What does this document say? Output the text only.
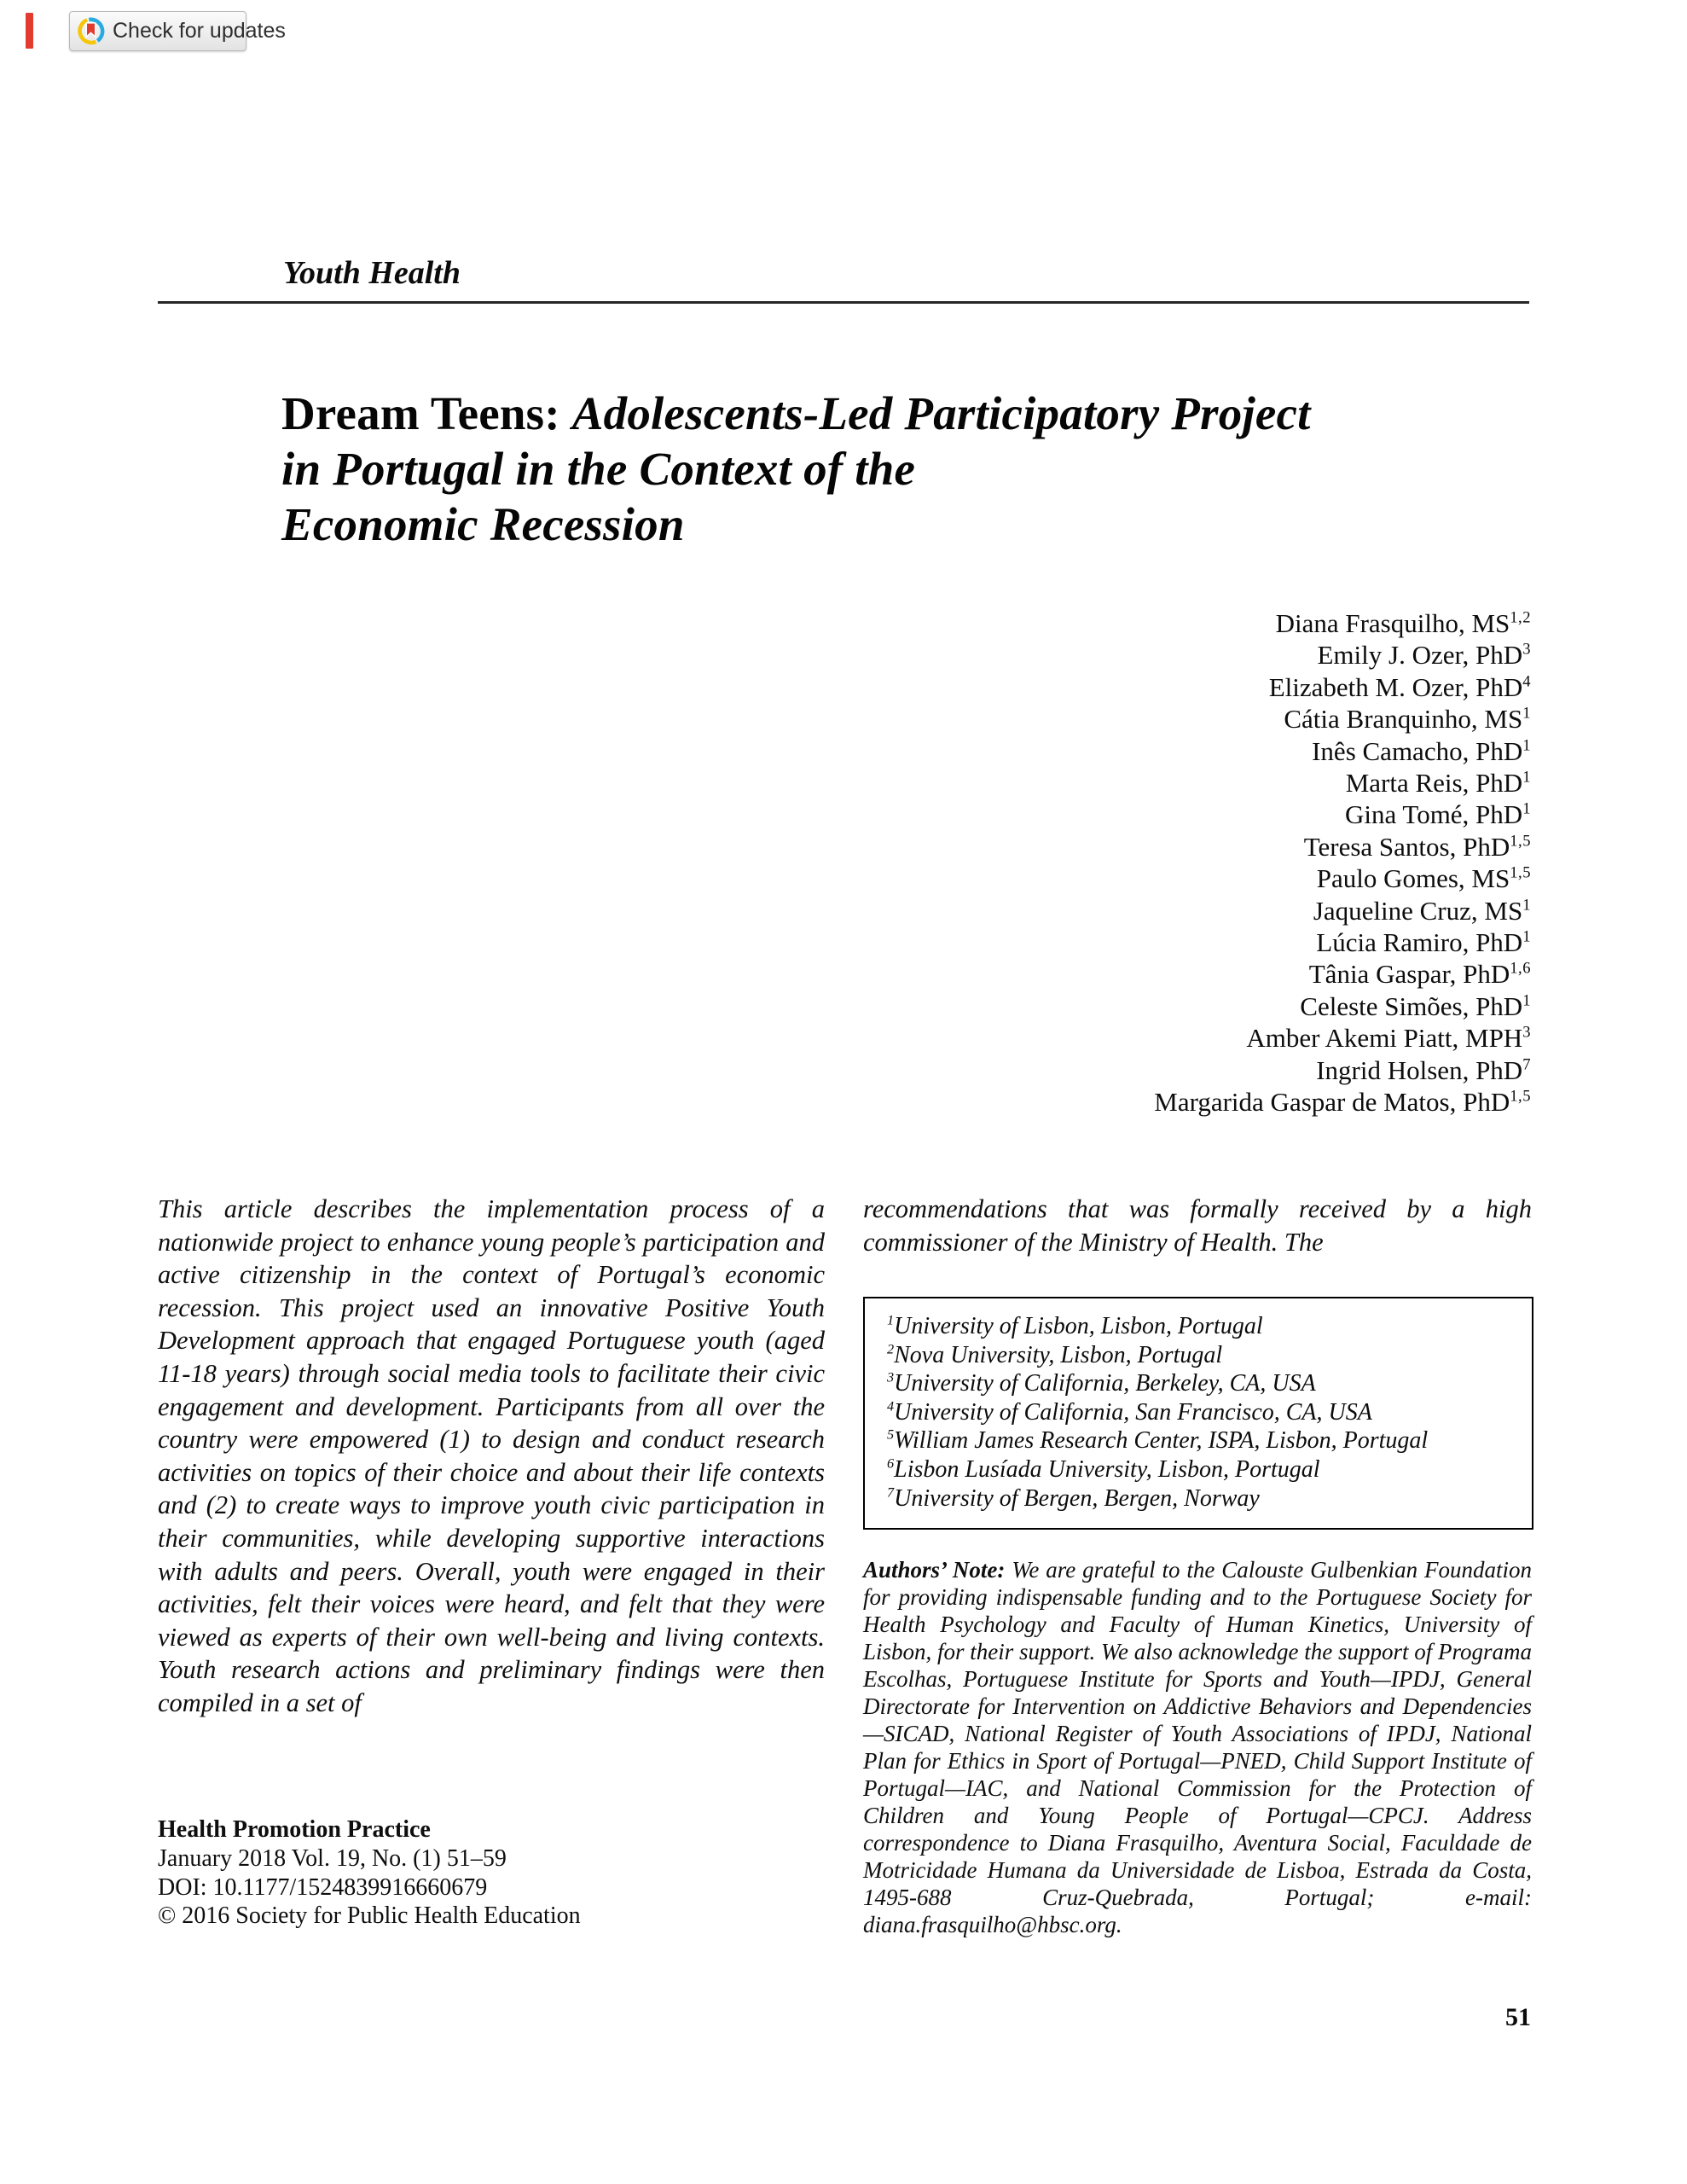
Check for updates
Youth Health
Dream Teens: Adolescents-Led Participatory Project
in Portugal in the Context of the
Economic Recession
Diana Frasquilho, MS$^{1,2}$
Emily J. Ozer, PhD$^3$
Elizabeth M. Ozer, PhD$^4$
Cátia Branquinho, $MS^1$
Inês Camacho, PhD$^1$
Marta Reis, PhD$^1$
Gina Tomé, PhD$^1$
Teresa Santos, PhD$^{1,5}$
Paulo Gomes, MS$^{1,5}$
Jaqueline Cruz, $MS^1$
Lúcia Ramiro, PhD$^1$
Tânia Gaspar, PhD$^{1,6}$
Celeste Simões, PhD$^1$
Amber Akemi Piatt, MPH$^3$
Ingrid Holsen, PhD$^7$
Margarida Gaspar de Matos, PhD$^{1,5}$
This article describes the implementation process of a nationwide project to enhance young people’s participation and active citizenship in the context of Portugal’s economic recession. This project used an innovative Positive Youth Development approach that engaged Portuguese youth (aged 11-18 years) through social media tools to facilitate their civic engagement and development. Participants from all over the country were empowered (1) to design and conduct research activities on topics of their choice and about their life contexts and (2) to create ways to improve youth civic participation in their communities, while developing supportive interactions with adults and peers. Overall, youth were engaged in their activities, felt their voices were heard, and felt that they were viewed as experts of their own well-being and living contexts. Youth research actions and preliminary findings were then compiled in a set of
Health Promotion Practice
January 2018 Vol. 19, No. (1) 51–59
DOI: 10.1177/1524839916660679
© 2016 Society for Public Health Education
recommendations that was formally received by a high commissioner of the Ministry of Health. The
$^1$University of Lisbon, Lisbon, Portugal
$^2$Nova University, Lisbon, Portugal
$^3$University of California, Berkeley, CA, USA
$^4$University of California, San Francisco, CA, USA
$^5$William James Research Center, ISPA, Lisbon, Portugal
$^6$Lisbon Lusíada University, Lisbon, Portugal
$^7$University of Bergen, Bergen, Norway
Authors’ Note: We are grateful to the Calouste Gulbenkian Foundation for providing indispensable funding and to the Portuguese Society for Health Psychology and Faculty of Human Kinetics, University of Lisbon, for their support. We also acknowledge the support of Programa Escolhas, Portuguese Institute for Sports and Youth—IPDJ, General Directorate for Intervention on Addictive Behaviors and Dependencies—SICAD, National Register of Youth Associations of IPDJ, National Plan for Ethics in Sport of Portugal—PNED, Child Support Institute of Portugal—IAC, and National Commission for the Protection of Children and Young People of Portugal—CPCJ. Address correspondence to Diana Frasquilho, Aventura Social, Faculdade de Motricidade Humana da Universidade de Lisboa, Estrada da Costa, 1495-688 Cruz-Quebrada, Portugal; e-mail: diana.frasquilho@hbsc.org.
51
